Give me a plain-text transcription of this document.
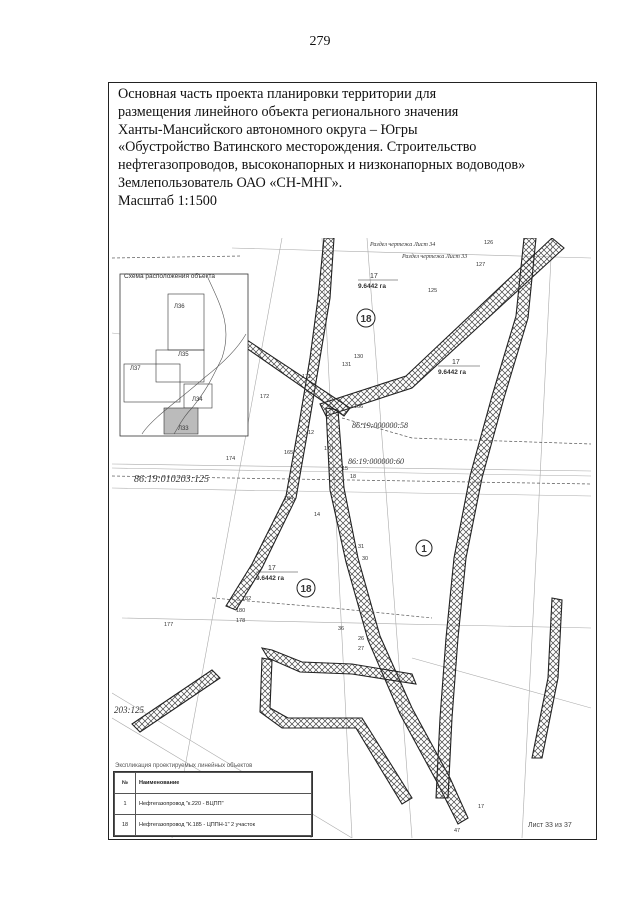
279
Основная часть проекта планировки территории для
размещения линейного объекта регионального значения
Ханты-Мансийского автономного округа – Югры
«Обустройство Ватинского месторождения. Строительство
нефтегазопроводов, высоконапорных и низконапорных водоводов»
Землепользователь ОАО «СН-МНГ».
Масштаб 1:1500
Схема расположения объекта
Л36
Л35
Л37
Л34
Л33
Раздел чертежа Лист 34
Раздел чертежа Лист 33
86:19:000000:58
86:19:000000:60
86:19:010203:125
203:125
17
9.6442 га
17
9.6442 га
17
9.6442 га
18
1
18
126
127
125
130
131
171
172
12
165
166
174
170
15
18
184
14
31
30
182
180
178
177
36
26
27
17
47
Экспликация проектируемых линейных объектов
№	Наименование
1	Нефтегазопровод "к.220 - ВЦПП"
18	Нефтегазопровод "К.185 - ЦППН-1" 2 участок	Лист 33 из 37
